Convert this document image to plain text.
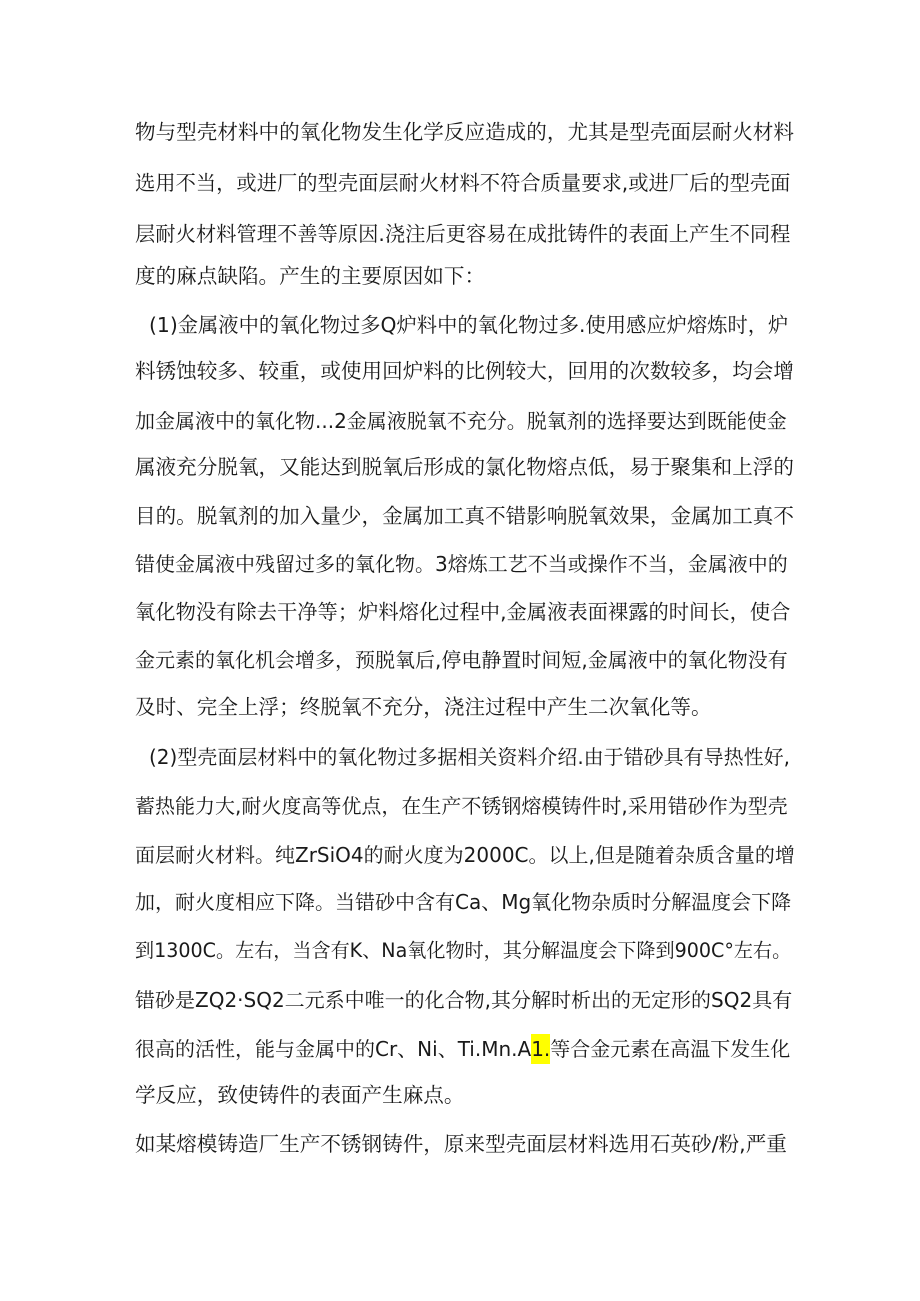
物与型壳材料中的氧化物发生化学反应造成的，尤其是型壳面层耐火材料
选用不当，或进厂的型壳面层耐火材料不符合质量要求,或进厂后的型壳面
层耐火材料管理不善等原因.浇注后更容易在成批铸件的表面上产生不同程
度的麻点缺陷。产生的主要原因如下：
(1)金属液中的氧化物过多Q炉料中的氧化物过多.使用感应炉熔炼时，炉
料锈蚀较多、较重，或使用回炉料的比例较大，回用的次数较多，均会增
加金属液中的氧化物...2金属液脱氧不充分。脱氧剂的选择要达到既能使金
属液充分脱氧，又能达到脱氧后形成的氯化物熔点低，易于聚集和上浮的
目的。脱氧剂的加入量少，金属加工真不错影响脱氧效果，金属加工真不
错使金属液中残留过多的氧化物。3熔炼工艺不当或操作不当，金属液中的
氧化物没有除去干净等；炉料熔化过程中,金属液表面裸露的时间长，使合
金元素的氧化机会增多，预脱氧后,停电静置时间短,金属液中的氧化物没有
及时、完全上浮；终脱氧不充分，浇注过程中产生二次氧化等。
(2)型壳面层材料中的氧化物过多据相关资料介绍.由于错砂具有导热性好,
蓄热能力大,耐火度高等优点，在生产不锈钢熔模铸件时,采用错砂作为型壳
面层耐火材料。纯ZrSiO4的耐火度为2000C。以上,但是随着杂质含量的增
加，耐火度相应下降。当错砂中含有Ca、Mg氧化物杂质时分解温度会下降
到1300C。左右，当含有K、Na氧化物时，其分解温度会下降到900C°左右。
错砂是ZQ2·SQ2二元系中唯一的化合物,其分解时析出的无定形的SQ2具有
很高的活性，能与金属中的Cr、Ni、Ti.Mn.A1.等合金元素在高温下发生化
学反应，致使铸件的表面产生麻点。
如某熔模铸造厂生产不锈钢铸件，原来型壳面层材料选用石英砂/粉,严重
